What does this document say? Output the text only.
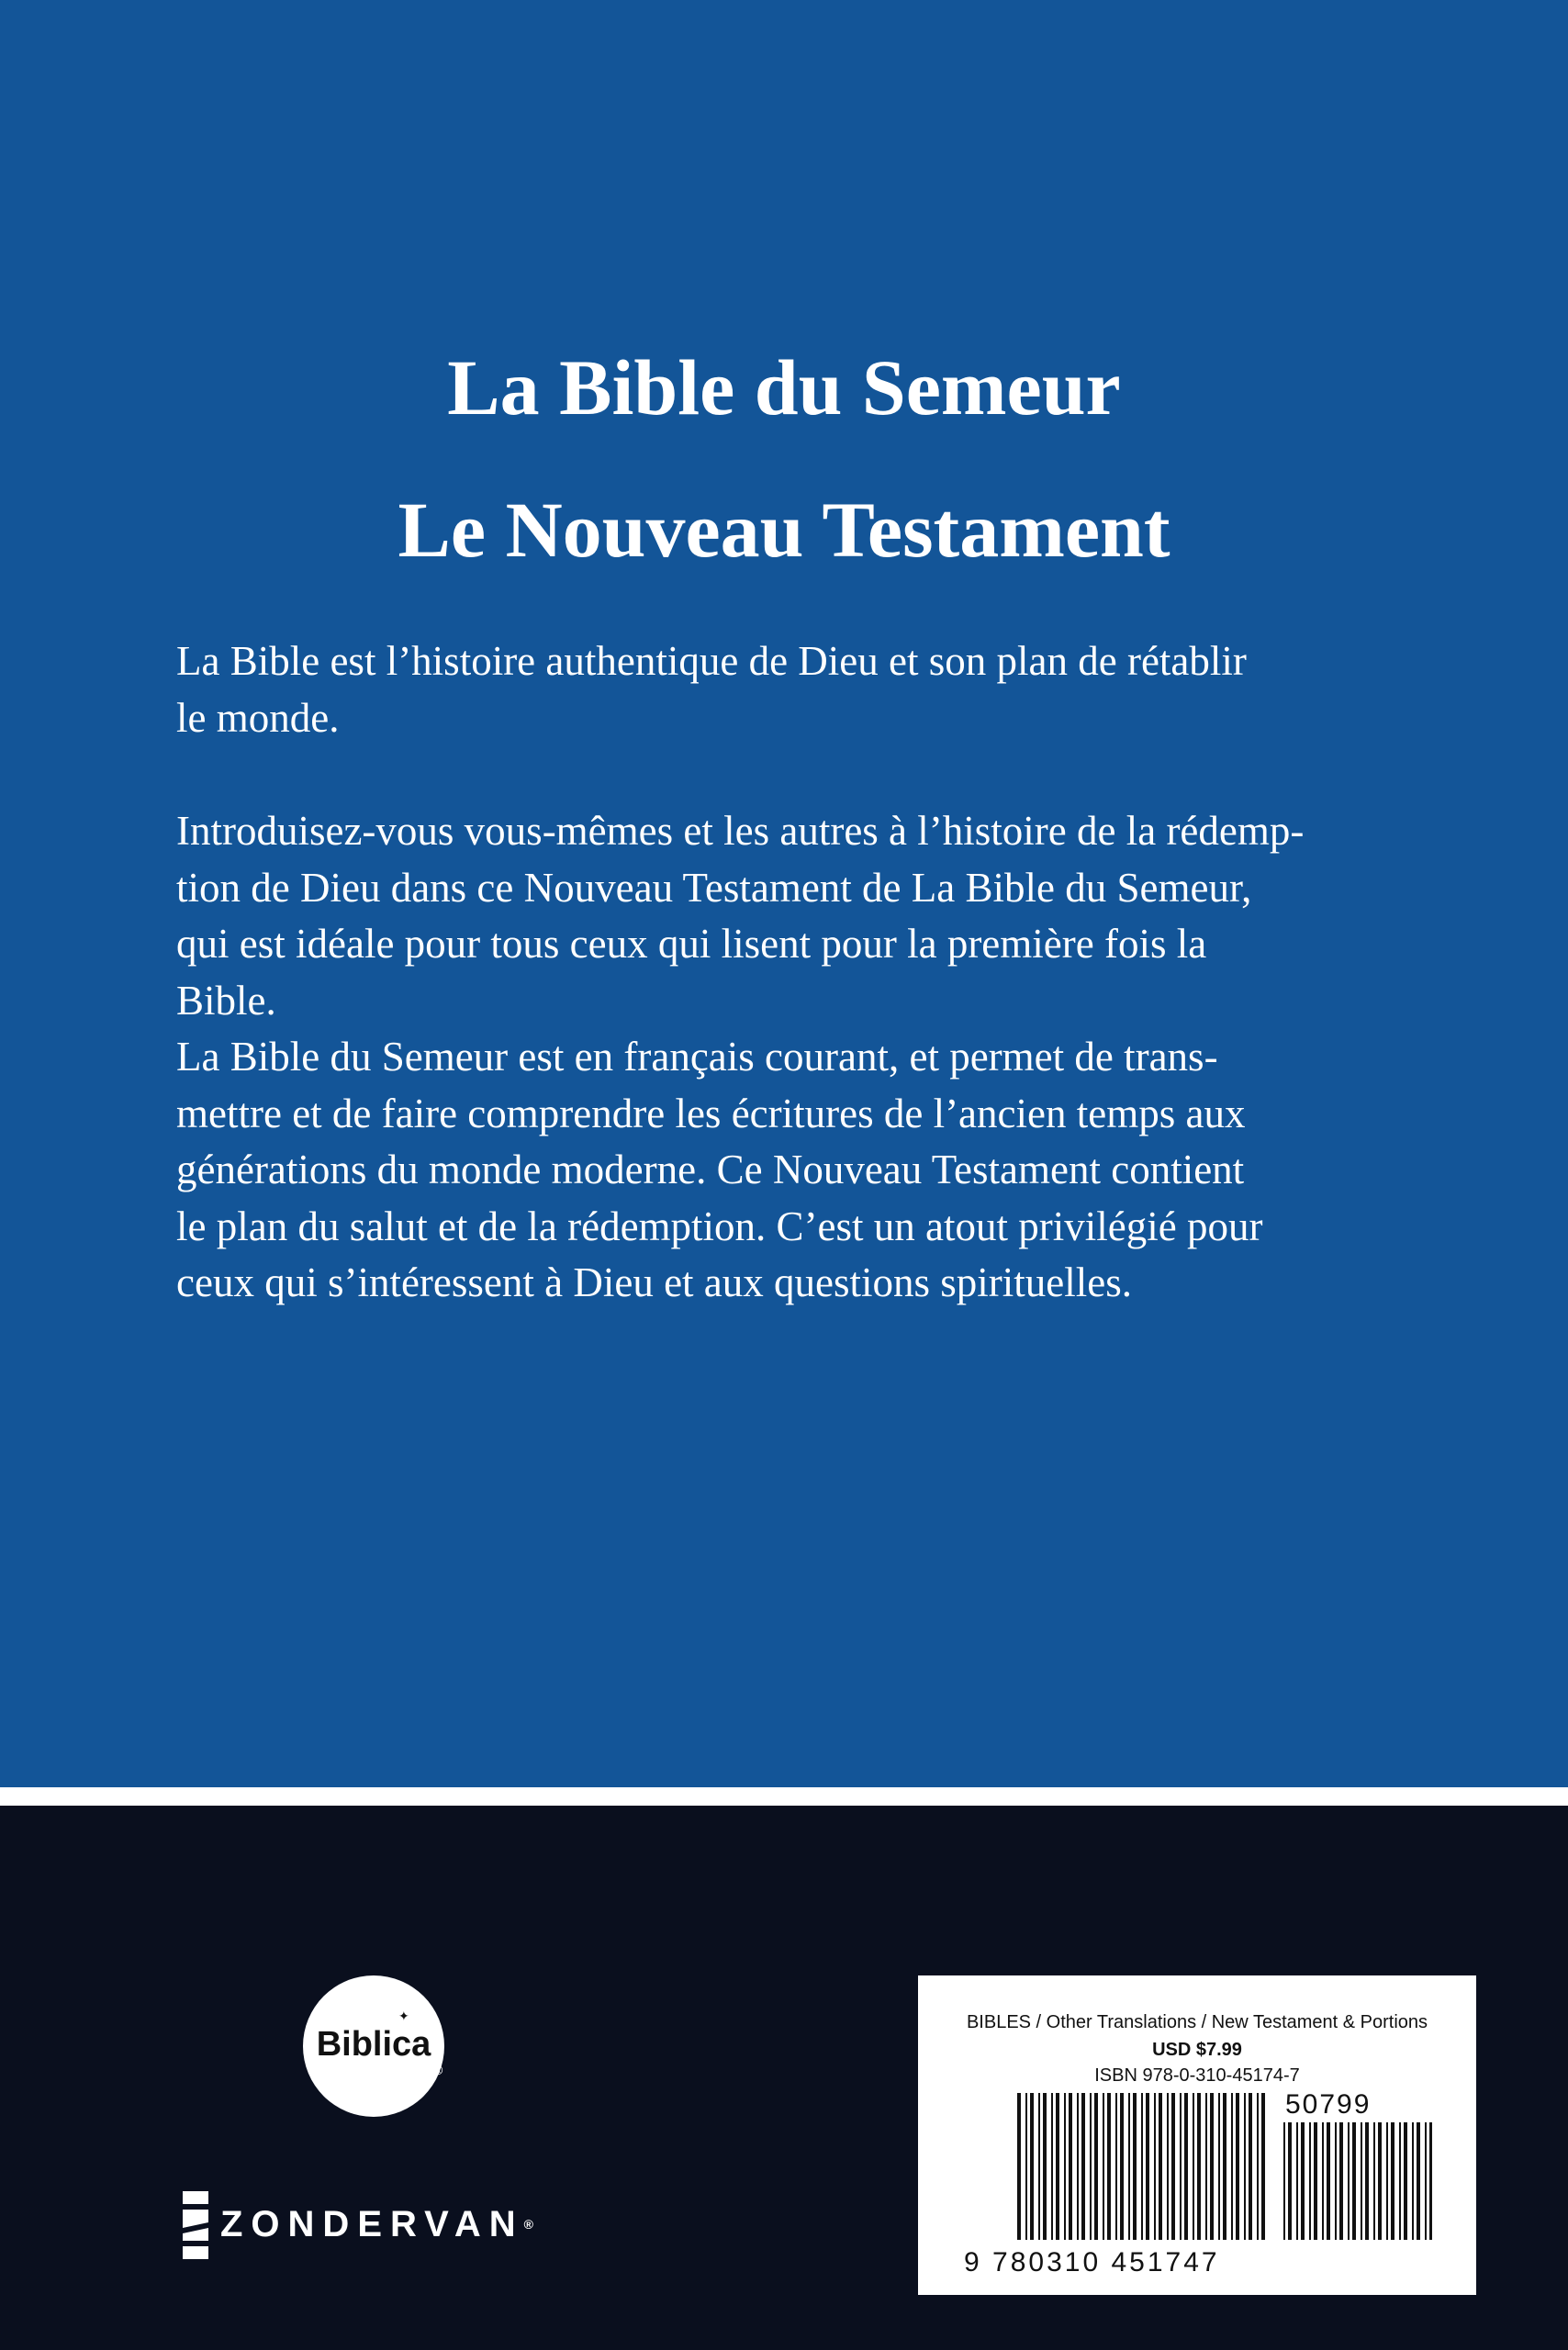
La Bible du Semeur
Le Nouveau Testament

La Bible est l’histoire authentique de Dieu et son plan de rétablir
le monde.

Introduisez-vous vous-mêmes et les autres à l’histoire de la rédemp-
tion de Dieu dans ce Nouveau Testament de La Bible du Semeur,
qui est idéale pour tous ceux qui lisent pour la première fois la
Bible.

La Bible du Semeur est en français courant, et permet de trans-
mettre et de faire comprendre les écritures de l’ancien temps aux
générations du monde moderne. Ce Nouveau Testament contient
le plan du salut et de la rédemption. C’est un atout privilégié pour
ceux qui s’intéressent à Dieu et aux questions spirituelles.

✦
Biblica
®
ZONDERVAN®

BIBLES / Other Translations / New Testament & Portions

USD $7.99

ISBN 978-0-310-45174-7

50799
9 780310 451747
